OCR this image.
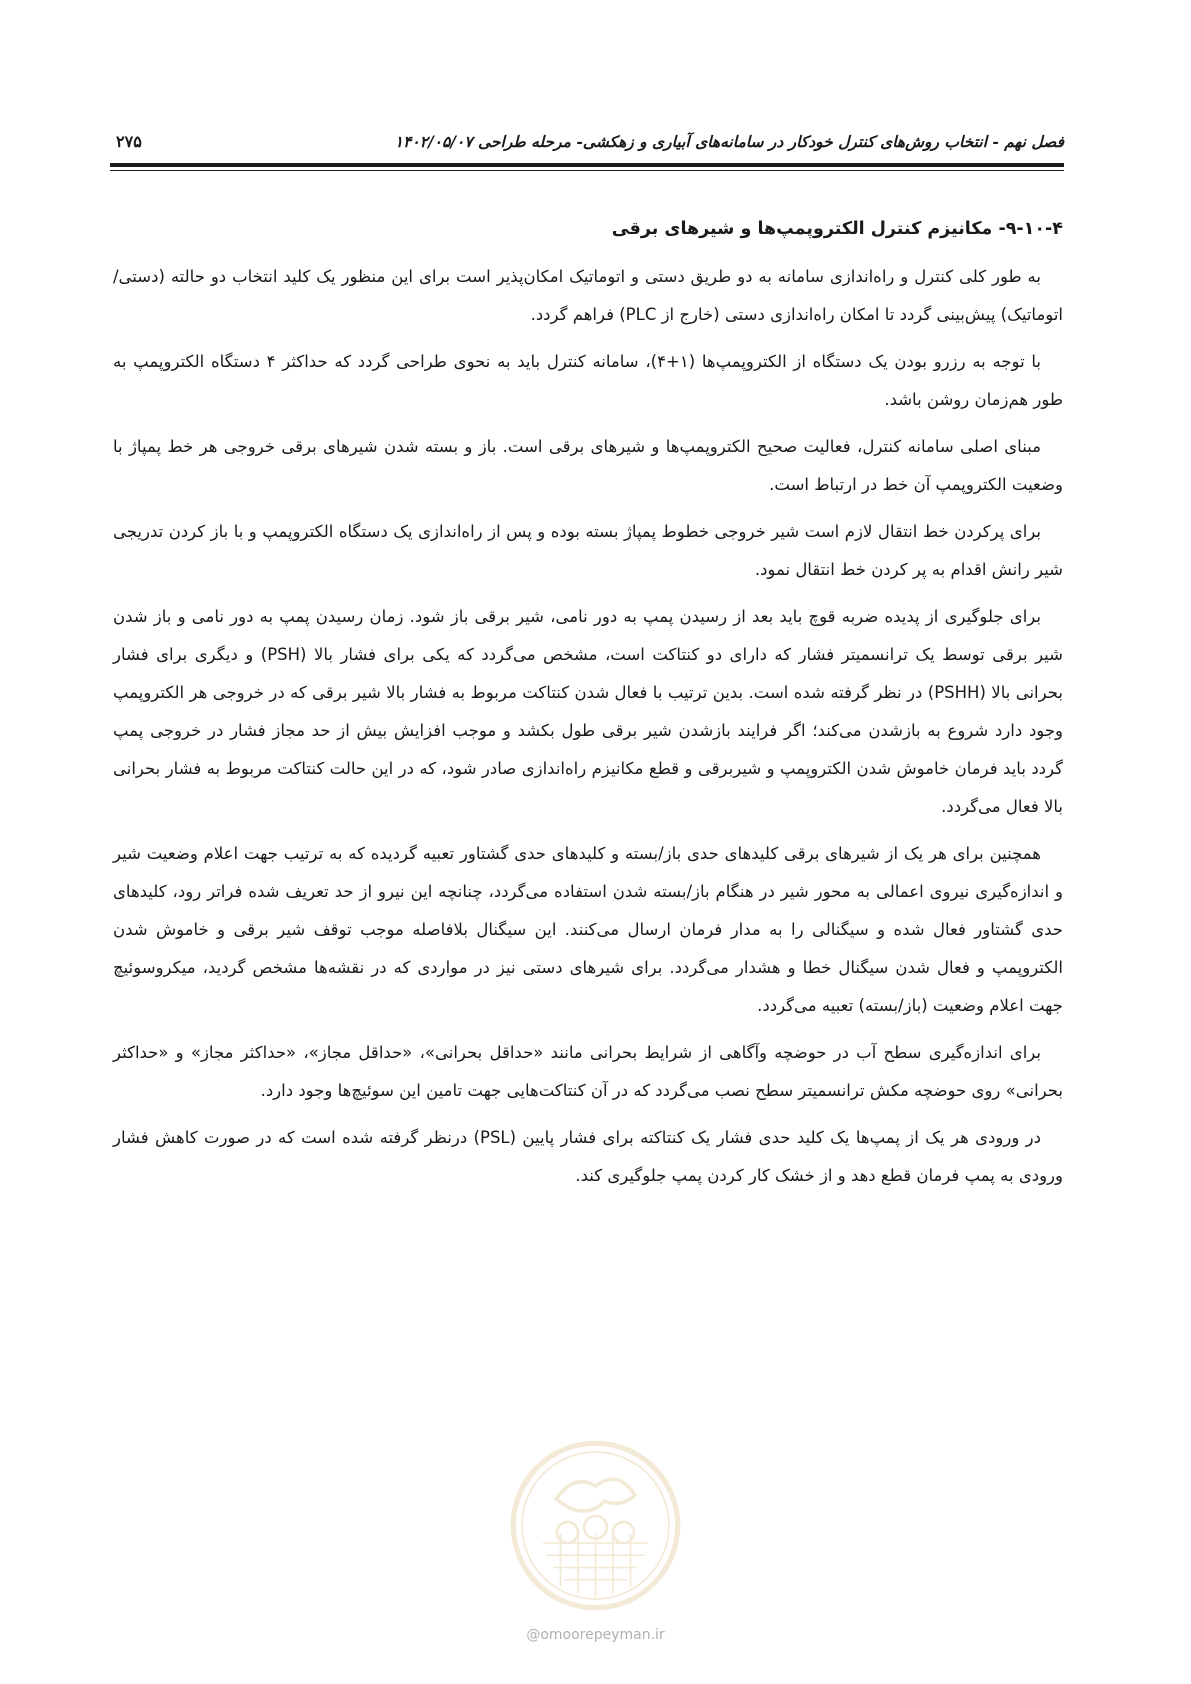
فصل نهم - انتخاب روش‌های کنترل خودکار در سامانه‌های آبیاری و زهکشی- مرحله طراحی ۱۴۰۲/۰۵/۰۷
۲۷۵
۹-۱۰-۴- مکانیزم کنترل الکتروپمپ‌ها و شیرهای برقی

به طور کلی کنترل و راه‌اندازی سامانه به دو طریق دستی و اتوماتیک امکان‌پذیر است برای این منظور یک کلید انتخاب دو حالته (دستی/اتوماتیک) پیش‌بینی گردد تا امکان راه‌اندازی دستی (خارج از PLC) فراهم گردد.

با توجه به رزرو بودن یک دستگاه از الکتروپمپ‌ها (۱+۴)، سامانه کنترل باید به نحوی طراحی گردد که حداکثر ۴ دستگاه الکتروپمپ به طور هم‌زمان روشن باشد.

مبنای اصلی سامانه کنترل، فعالیت صحیح الکتروپمپ‌ها و شیرهای برقی است. باز و بسته شدن شیرهای برقی خروجی هر خط پمپاژ با وضعیت الکتروپمپ آن خط در ارتباط است.

برای پرکردن خط انتقال لازم است شیر خروجی خطوط پمپاژ بسته بوده و پس از راه‌اندازی یک دستگاه الکتروپمپ و با باز کردن تدریجی شیر رانش اقدام به پر کردن خط انتقال نمود.

برای جلوگیری از پدیده ضربه قوچ باید بعد از رسیدن پمپ به دور نامی، شیر برقی باز شود. زمان رسیدن پمپ به دور نامی و باز شدن شیر برقی توسط یک ترانسمیتر فشار که دارای دو کنتاکت است، مشخص می‌گردد که یکی برای فشار بالا (PSH) و دیگری برای فشار بحرانی بالا (PSHH) در نظر گرفته شده است. بدین ترتیب با فعال شدن کنتاکت مربوط به فشار بالا شیر برقی که در خروجی هر الکتروپمپ وجود دارد شروع به بازشدن می‌کند؛ اگر فرایند بازشدن شیر برقی طول بکشد و موجب افزایش بیش از حد مجاز فشار در خروجی پمپ گردد باید فرمان خاموش شدن الکتروپمپ و شیربرقی و قطع مکانیزم راه‌اندازی صادر شود، که در این حالت کنتاکت مربوط به فشار بحرانی بالا فعال می‌گردد.

همچنین برای هر یک از شیرهای برقی کلیدهای حدی باز/بسته و کلیدهای حدی گشتاور تعبیه گردیده که به ترتیب جهت اعلام وضعیت شیر و اندازه‌گیری نیروی اعمالی به محور شیر در هنگام باز/بسته شدن استفاده می‌گردد، چنانچه این نیرو از حد تعریف شده فراتر رود، کلیدهای حدی گشتاور فعال شده و سیگنالی را به مدار فرمان ارسال می‌کنند. این سیگنال بلافاصله موجب توقف شیر برقی و خاموش شدن الکتروپمپ و فعال شدن سیگنال خطا و هشدار می‌گردد. برای شیرهای دستی نیز در مواردی که در نقشه‌ها مشخص گردید، میکروسوئیچ جهت اعلام وضعیت (باز/بسته) تعبیه می‌گردد.

برای اندازه‌گیری سطح آب در حوضچه وآگاهی از شرایط بحرانی مانند «حداقل بحرانی»، «حداقل مجاز»، «حداکثر مجاز» و «حداکثر بحرانی» روی حوضچه مکش ترانسمیتر سطح نصب می‌گردد که در آن کنتاکت‌هایی جهت تامین این سوئیچ‌ها وجود دارد.

در ورودی هر یک از پمپ‌ها یک کلید حدی فشار یک کنتاکته برای فشار پایین (PSL) درنظر گرفته شده است که در صورت کاهش فشار ورودی به پمپ فرمان قطع دهد و از خشک کار کردن پمپ جلوگیری کند.

@omoorepeyman.ir
